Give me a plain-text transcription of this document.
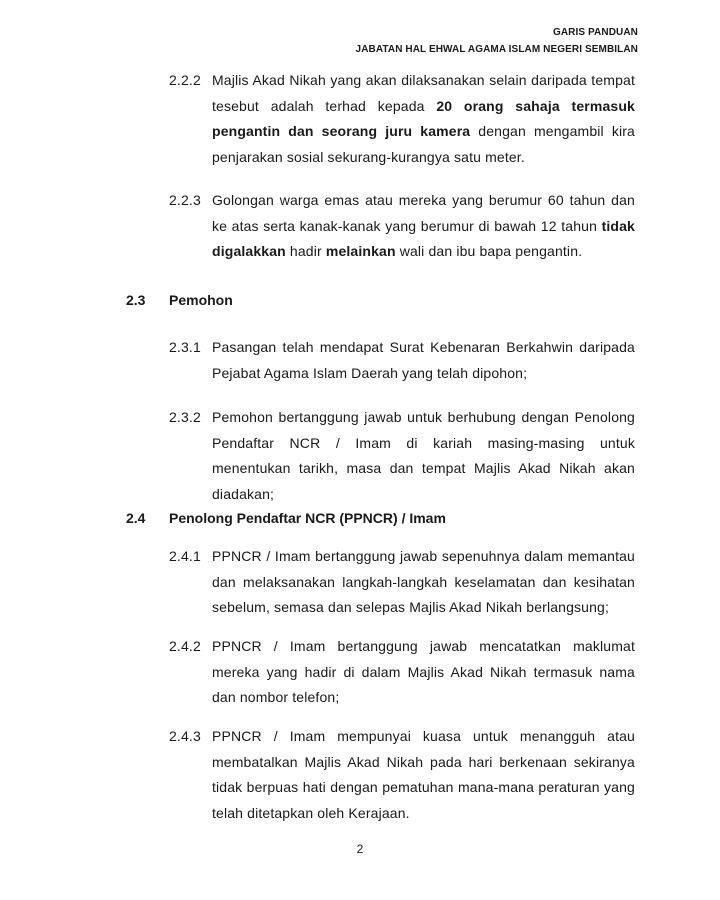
GARIS PANDUAN
JABATAN HAL EHWAL AGAMA ISLAM NEGERI SEMBILAN
2.2.2 Majlis Akad Nikah yang akan dilaksanakan selain daripada tempat tesebut adalah terhad kepada 20 orang sahaja termasuk pengantin dan seorang juru kamera dengan mengambil kira penjarakan sosial sekurang-kurangya satu meter.
2.2.3 Golongan warga emas atau mereka yang berumur 60 tahun dan ke atas serta kanak-kanak yang berumur di bawah 12 tahun tidak digalakkan hadir melainkan wali dan ibu bapa pengantin.
2.3 Pemohon
2.3.1 Pasangan telah mendapat Surat Kebenaran Berkahwin daripada Pejabat Agama Islam Daerah yang telah dipohon;
2.3.2 Pemohon bertanggung jawab untuk berhubung dengan Penolong Pendaftar NCR / Imam di kariah masing-masing untuk menentukan tarikh, masa dan tempat Majlis Akad Nikah akan diadakan;
2.4 Penolong Pendaftar NCR (PPNCR) / Imam
2.4.1 PPNCR / Imam bertanggung jawab sepenuhnya dalam memantau dan melaksanakan langkah-langkah keselamatan dan kesihatan sebelum, semasa dan selepas Majlis Akad Nikah berlangsung;
2.4.2 PPNCR / Imam bertanggung jawab mencatatkan maklumat mereka yang hadir di dalam Majlis Akad Nikah termasuk nama dan nombor telefon;
2.4.3 PPNCR / Imam mempunyai kuasa untuk menangguh atau membatalkan Majlis Akad Nikah pada hari berkenaan sekiranya tidak berpuas hati dengan pematuhan mana-mana peraturan yang telah ditetapkan oleh Kerajaan.
2
